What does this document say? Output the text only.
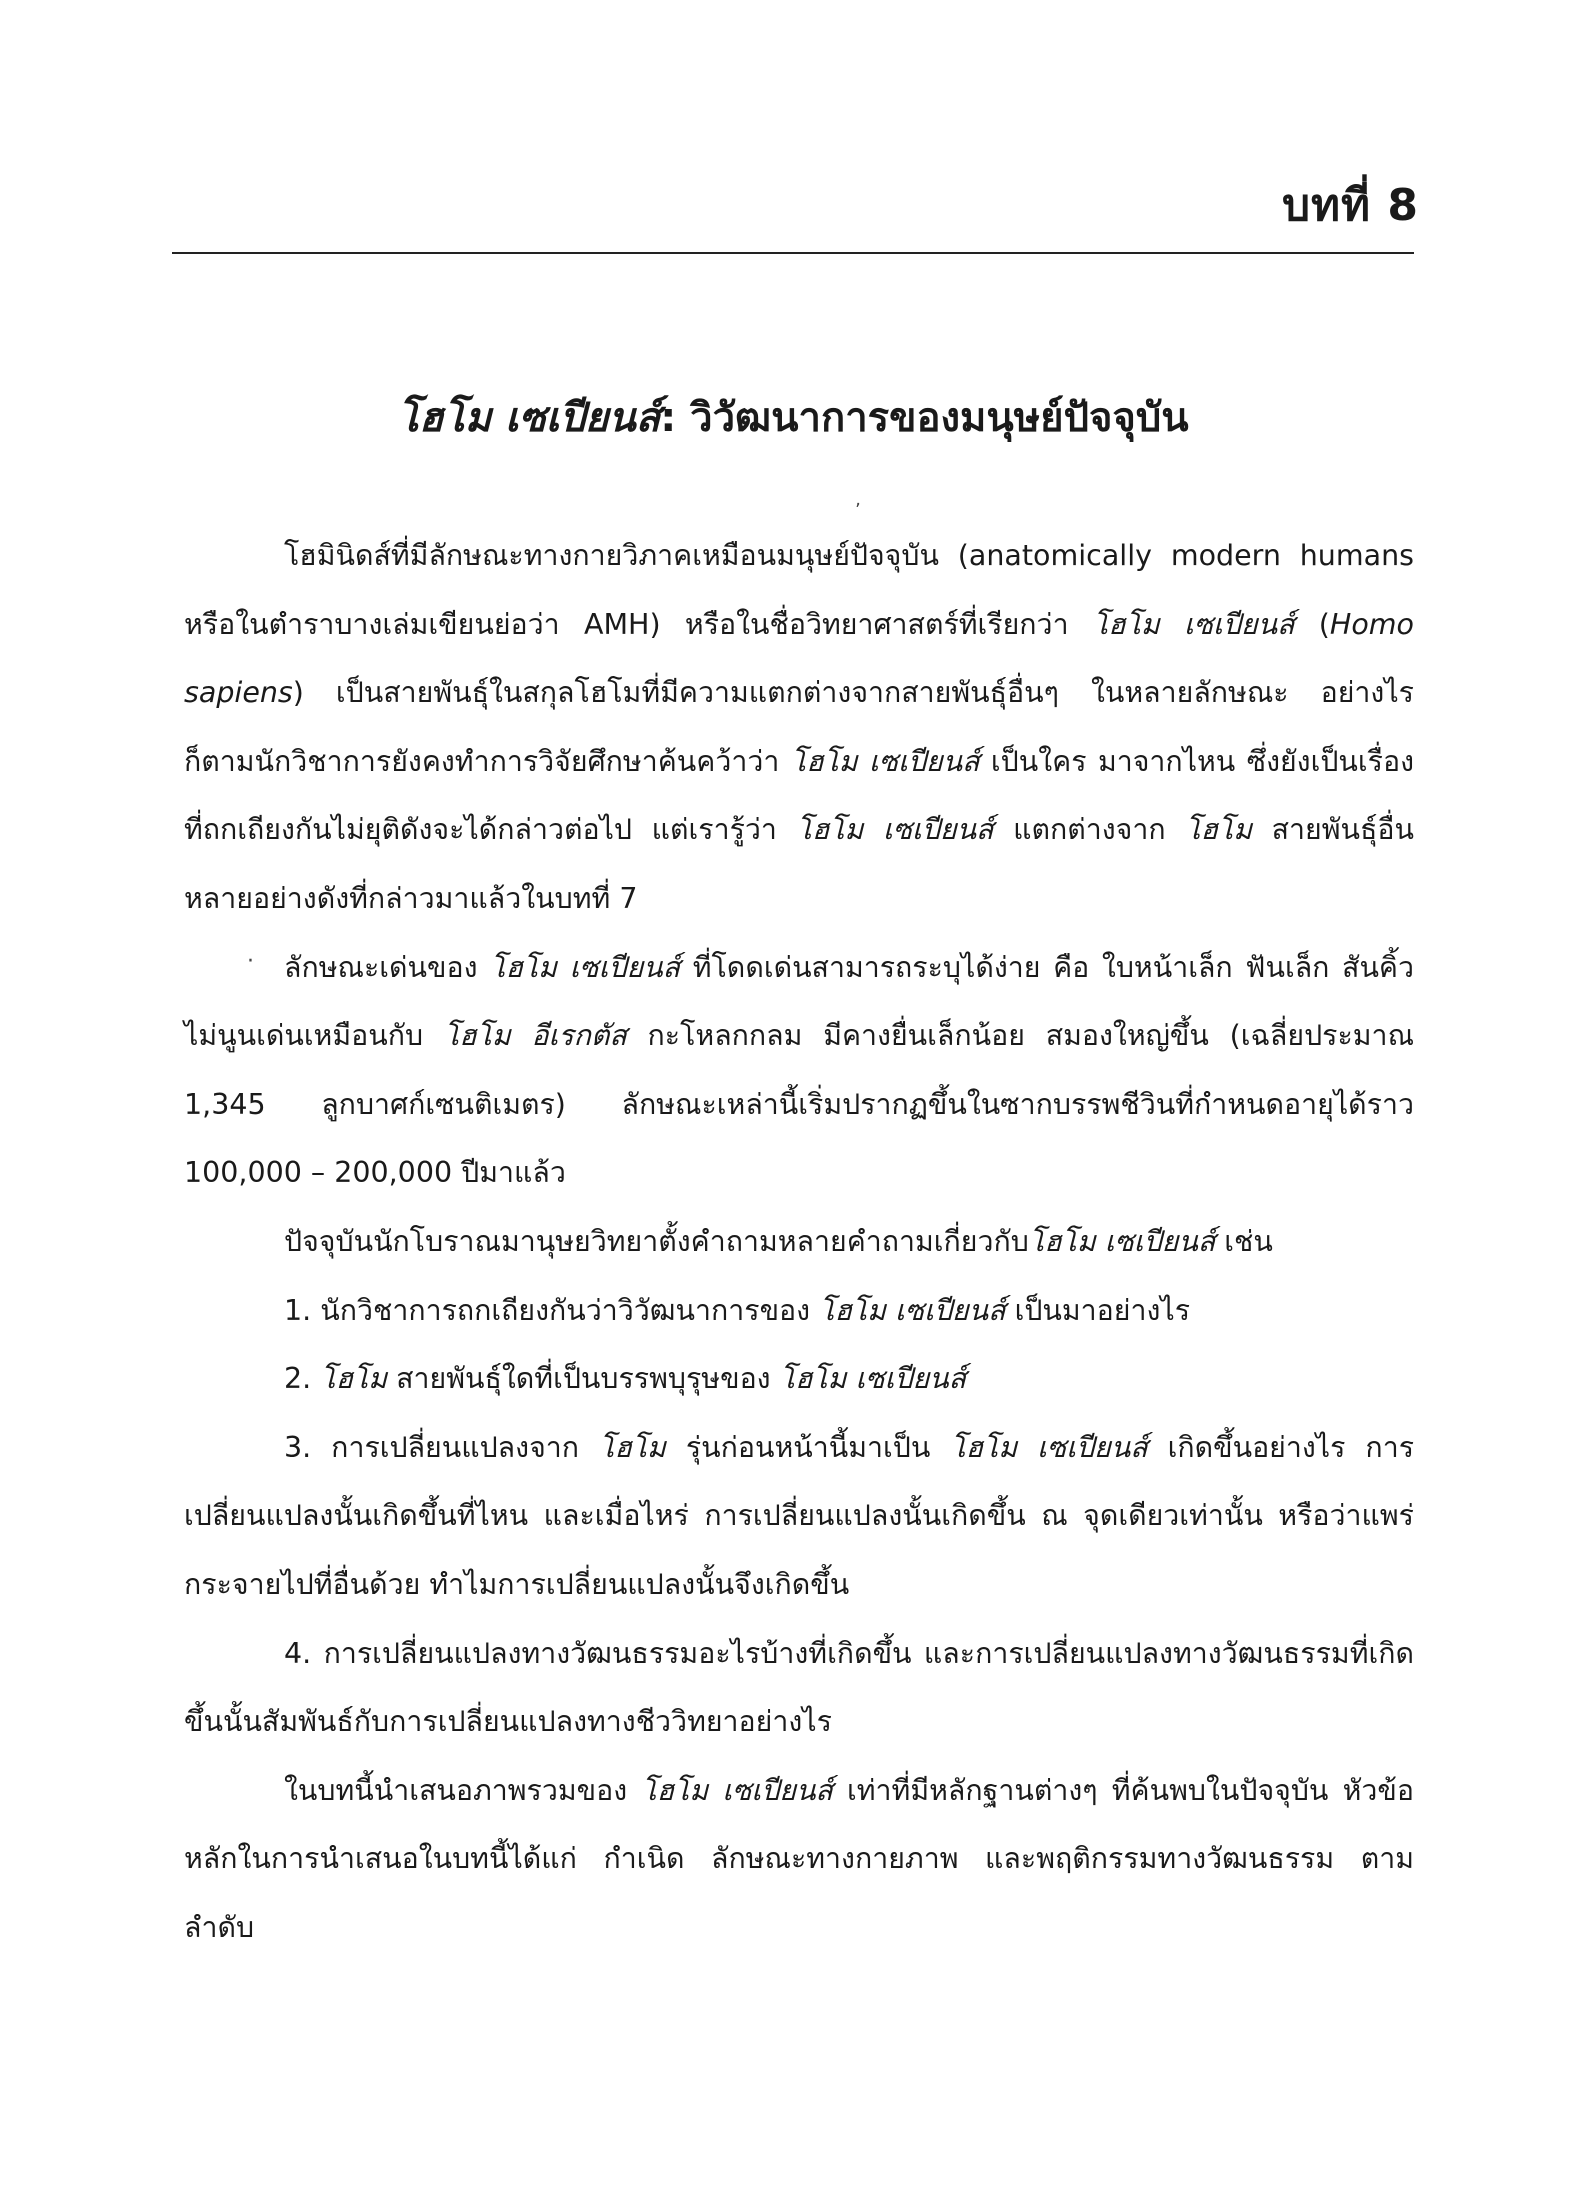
บทที่ 8
โฮโม เซเปียนส์: วิวัฒนาการของมนุษย์ปัจจุบัน
ʼ
·

โฮมินิดส์ที่มีลักษณะทางกายวิภาคเหมือนมนุษย์ปัจจุบัน (anatomically modern humans หรือในตำราบางเล่มเขียนย่อว่า AMH) หรือในชื่อวิทยาศาสตร์ที่เรียกว่า โฮโม เซเปียนส์ (Homo sapiens) เป็นสายพันธุ์ในสกุลโฮโมที่มีความแตกต่างจากสายพันธุ์อื่นๆ ในหลายลักษณะ อย่างไรก็ตามนักวิชาการยังคงทำการวิจัยศึกษาค้นคว้าว่า โฮโม เซเปียนส์ เป็นใคร มาจากไหน ซึ่งยังเป็นเรื่องที่ถกเถียงกันไม่ยุติดังจะได้กล่าวต่อไป แต่เรารู้ว่า โฮโม เซเปียนส์ แตกต่างจาก โฮโม สายพันธุ์อื่นหลายอย่างดังที่กล่าวมาแล้วในบทที่ 7

ลักษณะเด่นของ โฮโม เซเปียนส์ ที่โดดเด่นสามารถระบุได้ง่าย คือ ใบหน้าเล็ก ฟันเล็ก สันคิ้วไม่นูนเด่นเหมือนกับ โฮโม อีเรกตัส กะโหลกกลม มีคางยื่นเล็กน้อย สมองใหญ่ขึ้น (เฉลี่ยประมาณ 1,345 ลูกบาศก์เซนติเมตร) ลักษณะเหล่านี้เริ่มปรากฏขึ้นในซากบรรพชีวินที่กำหนดอายุได้ราว 100,000 – 200,000 ปีมาแล้ว

ปัจจุบันนักโบราณมานุษยวิทยาตั้งคำถามหลายคำถามเกี่ยวกับโฮโม เซเปียนส์ เช่น

1. นักวิชาการถกเถียงกันว่าวิวัฒนาการของ โฮโม เซเปียนส์ เป็นมาอย่างไร

2. โฮโม สายพันธุ์ใดที่เป็นบรรพบุรุษของ โฮโม เซเปียนส์

3. การเปลี่ยนแปลงจาก โฮโม รุ่นก่อนหน้านี้มาเป็น โฮโม เซเปียนส์ เกิดขึ้นอย่างไร การเปลี่ยนแปลงนั้นเกิดขึ้นที่ไหน และเมื่อไหร่ การเปลี่ยนแปลงนั้นเกิดขึ้น ณ จุดเดียวเท่านั้น หรือว่าแพร่กระจายไปที่อื่นด้วย ทำไมการเปลี่ยนแปลงนั้นจึงเกิดขึ้น

4. การเปลี่ยนแปลงทางวัฒนธรรมอะไรบ้างที่เกิดขึ้น และการเปลี่ยนแปลงทางวัฒนธรรมที่เกิดขึ้นนั้นสัมพันธ์กับการเปลี่ยนแปลงทางชีววิทยาอย่างไร

ในบทนี้นำเสนอภาพรวมของ โฮโม เซเปียนส์ เท่าที่มีหลักฐานต่างๆ ที่ค้นพบในปัจจุบัน หัวข้อหลักในการนำเสนอในบทนี้ได้แก่ กำเนิด ลักษณะทางกายภาพ และพฤติกรรมทางวัฒนธรรม ตามลำดับ
